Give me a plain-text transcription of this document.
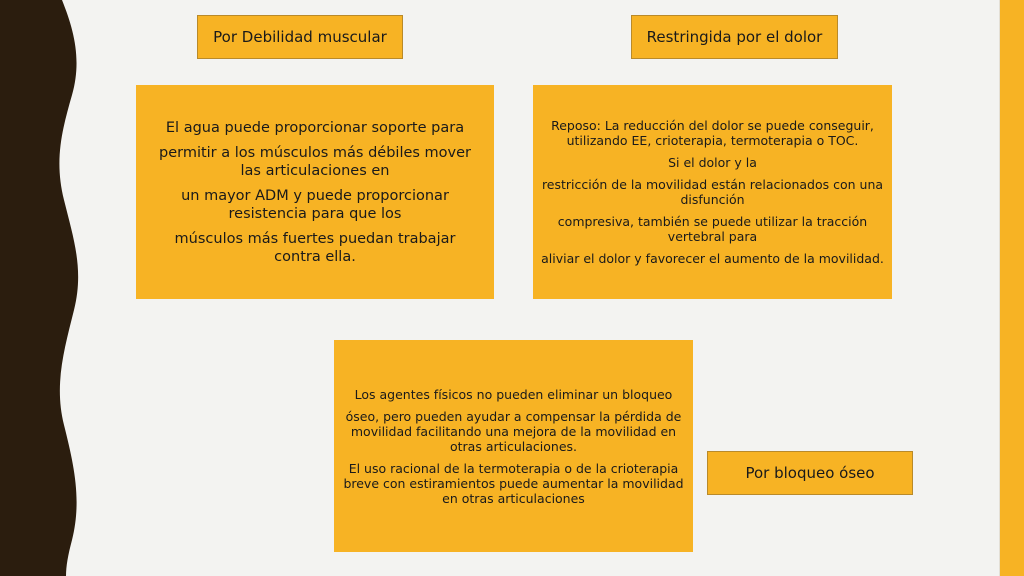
Por Debilidad muscular	Restringida por el dolor
Por bloqueo óseo

El agua puede proporcionar soporte para

permitir a los músculos más débiles mover las articulaciones en

un mayor ADM y puede proporcionar resistencia para que los

músculos más fuertes puedan trabajar contra ella.

Reposo: La reducción del dolor se puede conseguir, utilizando EE, crioterapia, termoterapia o TOC.

Si el dolor y la

restricción de la movilidad están relacionados con una disfunción

compresiva, también se puede utilizar la tracción vertebral para

aliviar el dolor y favorecer el aumento de la movilidad.

Los agentes físicos no pueden eliminar un bloqueo

óseo, pero pueden ayudar a compensar la pérdida de movilidad facilitando una mejora de la movilidad en otras articulaciones.

El uso racional de la termoterapia o de la crioterapia breve con estiramientos puede aumentar la movilidad en otras articulaciones
